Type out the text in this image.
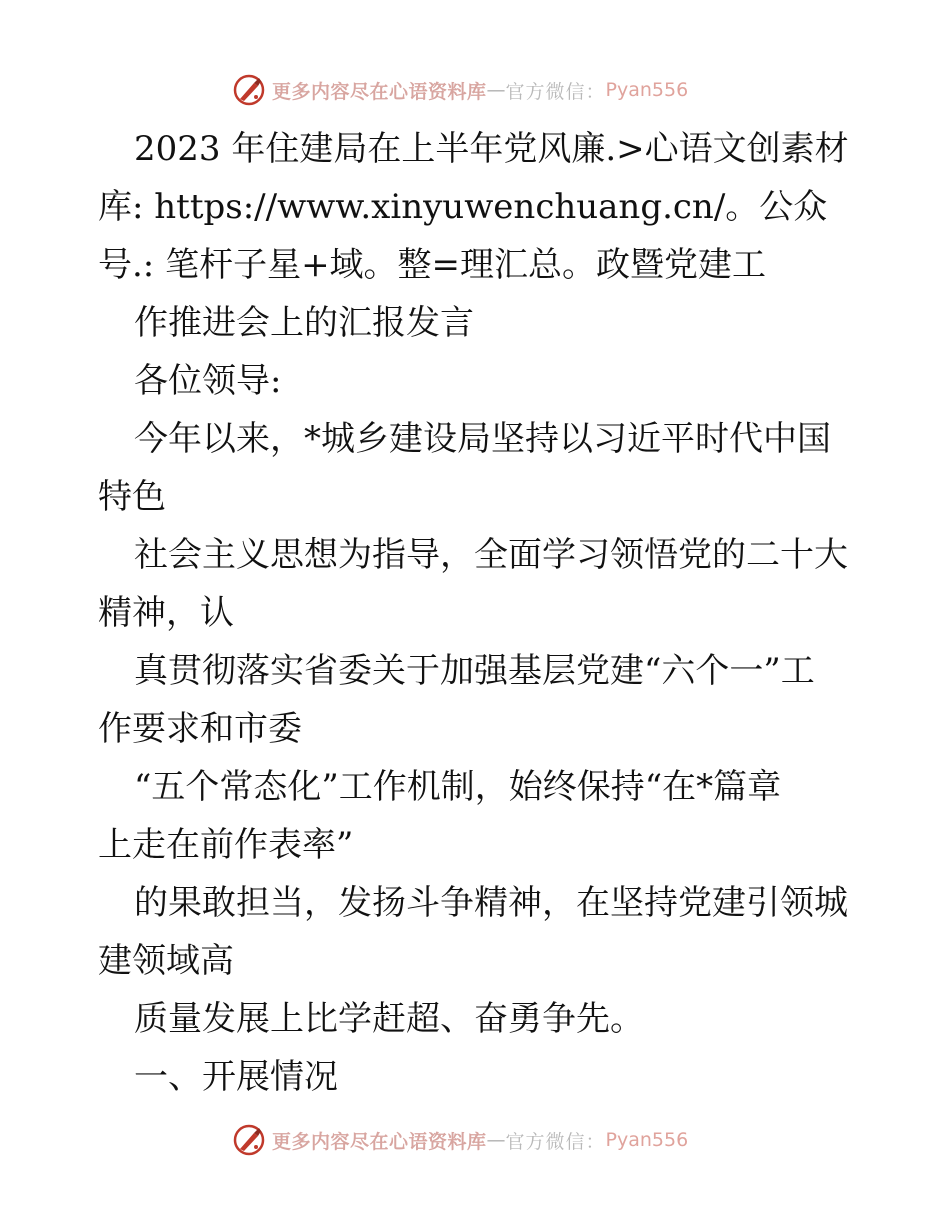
更多内容尽在心语资料库 — 官方微信： Pyan556
2023 年住建局在上半年党风廉.>心语文创素材
库: https://www.xinyuwenchuang.cn/。公众
号.: 笔杆子星+域。整=理汇总。政暨党建工
作推进会上的汇报发言
各位领导:
今年以来，*城乡建设局坚持以习近平时代中国
特色
社会主义思想为指导，全面学习领悟党的二十大
精神，认
真贯彻落实省委关于加强基层党建“六个一”工
作要求和市委
“五个常态化”工作机制，始终保持“在*篇章
上走在前作表率”
的果敢担当，发扬斗争精神，在坚持党建引领城
建领域高
质量发展上比学赶超、奋勇争先。
一、开展情况
更多内容尽在心语资料库 — 官方微信： Pyan556
